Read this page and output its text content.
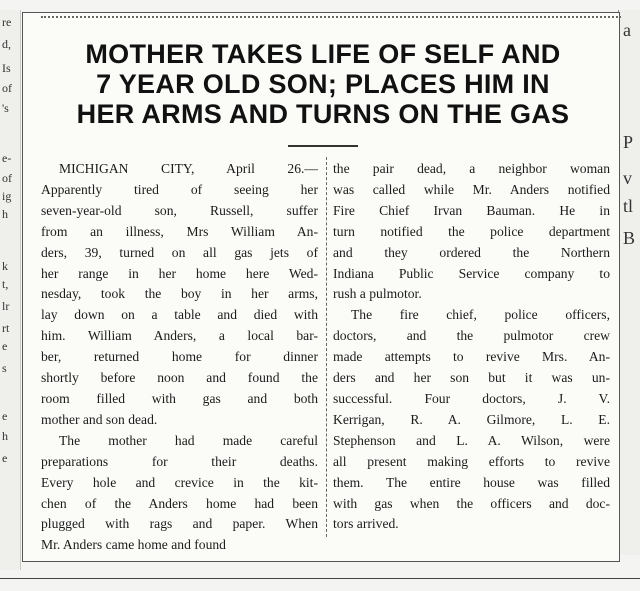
re
d,
Is
of
's
e-
of
ig
h
k
t,
lr
rt
e
s
e
h
e
a
P
v
tl
B
MOTHER TAKES LIFE OF SELF AND
7 YEAR OLD SON; PLACES HIM IN
HER ARMS AND TURNS ON THE GAS
MICHIGAN CITY, April 26.—
Apparently tired of seeing her
seven-year-old son, Russell, suffer
from an illness, Mrs William An-
ders, 39, turned on all gas jets of
her range in her home here Wed-
nesday, took the boy in her arms,
lay down on a table and died with
him. William Anders, a local bar-
ber, returned home for dinner
shortly before noon and found the
room filled with gas and both
mother and son dead.
The mother had made careful
preparations for their deaths.
Every hole and crevice in the kit-
chen of the Anders home had been
plugged with rags and paper. When
Mr. Anders came home and found
the pair dead, a neighbor woman
was called while Mr. Anders notified
Fire Chief Irvan Bauman. He in
turn notified the police department
and they ordered the Northern
Indiana Public Service company to
rush a pulmotor.
The fire chief, police officers,
doctors, and the pulmotor crew
made attempts to revive Mrs. An-
ders and her son but it was un-
successful. Four doctors, J. V.
Kerrigan, R. A. Gilmore, L. E.
Stephenson and L. A. Wilson, were
all present making efforts to revive
them. The entire house was filled
with gas when the officers and doc-
tors arrived.
